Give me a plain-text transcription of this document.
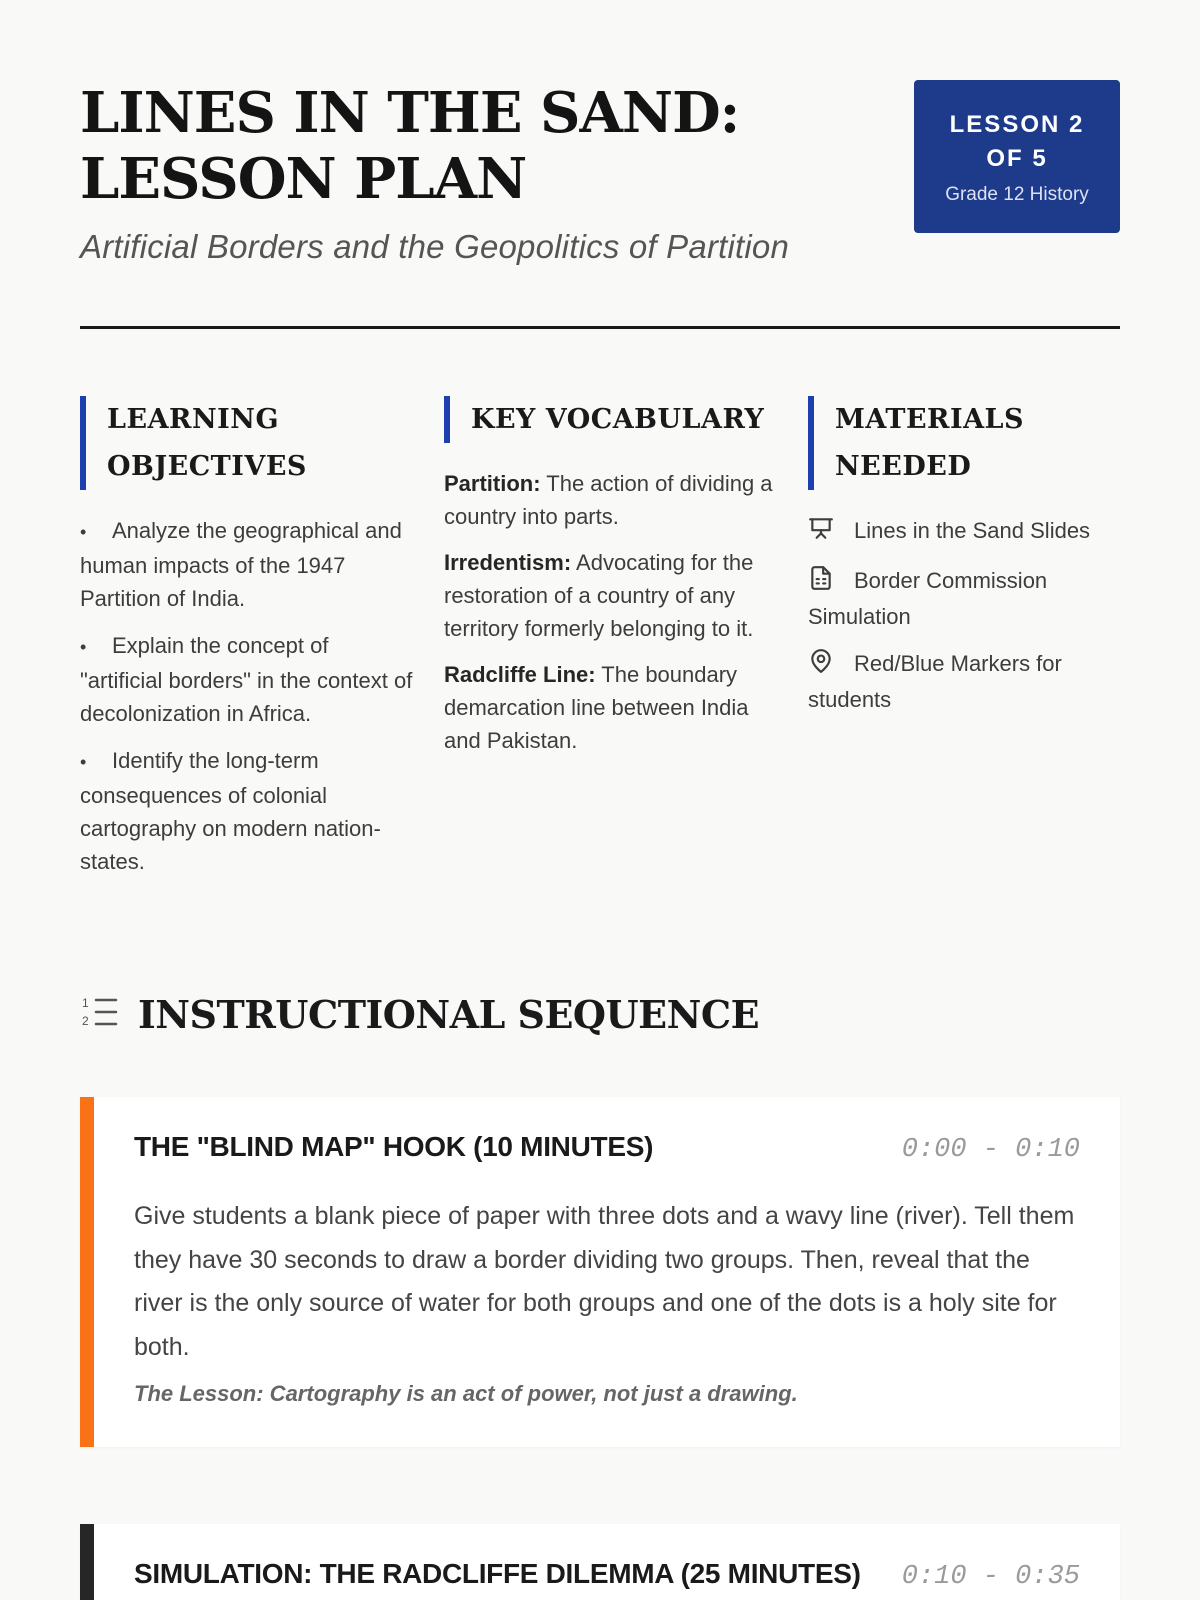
LINES IN THE SAND:
LESSON PLAN
Artificial Borders and the Geopolitics of Partition
LESSON 2 OF 5
Grade 12 History
LEARNING OBJECTIVES
• Analyze the geographical and human impacts of the 1947 Partition of India.
• Explain the concept of "artificial borders" in the context of decolonization in Africa.
• Identify the long-term consequences of colonial cartography on modern nation-states.
KEY VOCABULARY

Partition: The action of dividing a country into parts.

Irredentism: Advocating for the restoration of a country of any territory formerly belonging to it.

Radcliffe Line: The boundary demarcation line between India and Pakistan.

MATERIALS NEEDED
Lines in the Sand Slides
Border Commission Simulation
Red/Blue Markers for students
1
2 INSTRUCTIONAL SEQUENCE
THE "BLIND MAP" HOOK (10 MINUTES)	0:00 - 0:10

Give students a blank piece of paper with three dots and a wavy line (river). Tell them they have 30 seconds to draw a border dividing two groups. Then, reveal that the river is the only source of water for both groups and one of the dots is a holy site for both.

The Lesson: Cartography is an act of power, not just a drawing.

SIMULATION: THE RADCLIFFE DILEMMA (25 MINUTES) 0:10 - 0:35
